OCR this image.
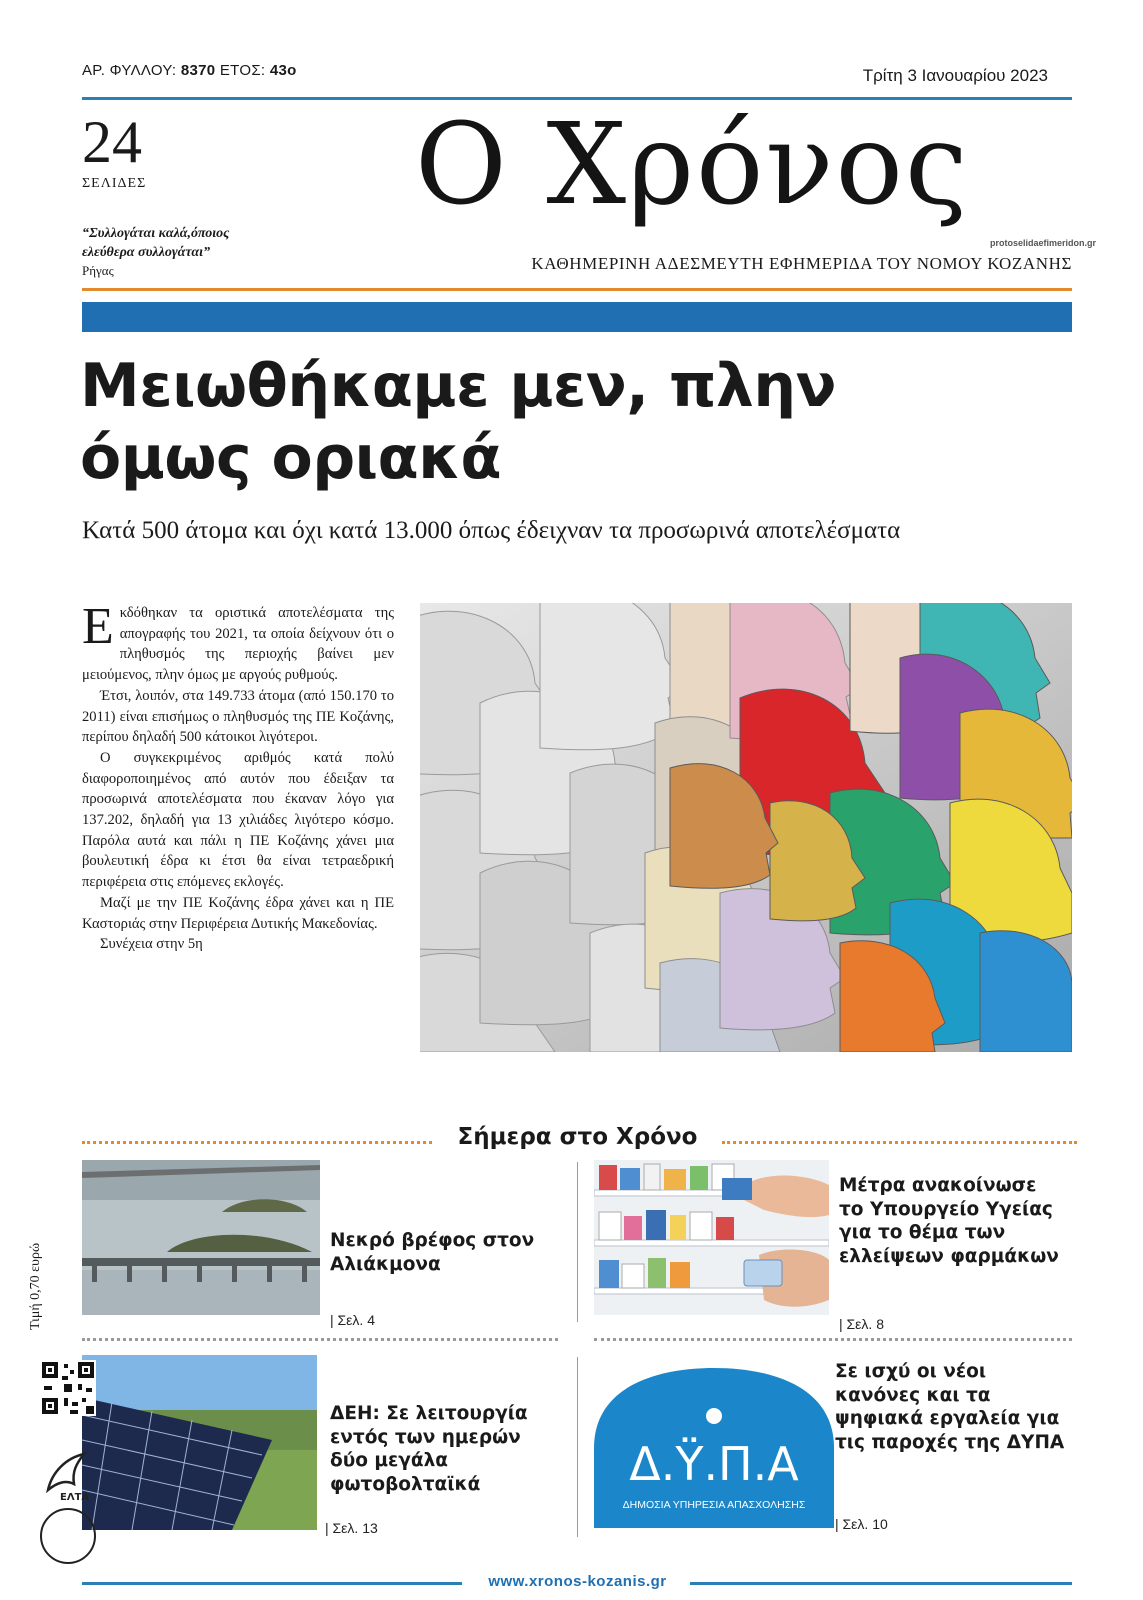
ΑΡ. ΦΥΛΛΟΥ: 8370 ΕΤΟΣ: 43ο	Τρίτη 3 Ιανουαρίου 2023
24
ΣΕΛΙΔΕΣ
“Συλλογάται καλά,όποιος
ελεύθερα συλλογάται”
Ρήγας
Ο Χρόνος
protoselidaefimeridon.gr
ΚΑΘΗΜΕΡΙΝΗ ΑΔΕΣΜΕΥΤΗ ΕΦΗΜΕΡΙΔΑ ΤΟΥ ΝΟΜΟΥ ΚΟΖΑΝΗΣ
Μειωθήκαμε μεν, πλην
όμως οριακά
Κατά 500 άτομα και όχι κατά 13.000 όπως έδειχναν τα προσωρινά αποτελέσματα

Εκδόθηκαν τα οριστικά αποτελέσματα της απογραφής του 2021, τα οποία δείχνουν ότι ο πληθυσμός της περιοχής βαίνει μεν μειούμενος, πλην όμως με αργούς ρυθμούς.

Έτσι, λοιπόν, στα 149.733 άτομα (από 150.170 το 2011) είναι επισήμως ο πληθυσμός της ΠΕ Κοζάνης, περίπου δηλαδή 500 κάτοικοι λιγότεροι.

Ο συγκεκριμένος αριθμός κατά πολύ διαφοροποιημένος από αυτόν που έδειξαν τα προσωρινά αποτελέσματα που έκαναν λόγο για 137.202, δηλαδή για 13 χιλιάδες λιγότερο κόσμο. Παρόλα αυτά και πάλι η ΠΕ Κοζάνης χάνει μια βουλευτική έδρα κι έτσι θα είναι τετραεδρική περιφέρεια στις επόμενες εκλογές.

Μαζί με την ΠΕ Κοζάνης έδρα χάνει και η ΠΕ Καστοριάς στην Περιφέρεια Δυτικής Μακεδονίας.

Συνέχεια στην 5η

Σήμερα στο Χρόνο
Νεκρό βρέφος στον Αλιάκμονα
| Σελ. 4
Μέτρα ανακοίνωσε το Υπουργείο Υγείας για το θέμα των ελλείψεων φαρμάκων
| Σελ. 8
ΔΕΗ: Σε λειτουργία εντός των ημερών δύο μεγάλα φωτοβολταϊκά
| Σελ. 13
Δ.Ϋ.Π.Α
ΔΗΜΟΣΙΑ ΥΠΗΡΕΣΙΑ ΑΠΑΣΧΟΛΗΣΗΣ
Σε ισχύ οι νέοι κανόνες και τα ψηφιακά εργαλεία για τις παροχές της ΔΥΠΑ
| Σελ. 10
Τιμή 0,70 ευρώ
ΕΛΤΑ
www.xronos-kozanis.gr
